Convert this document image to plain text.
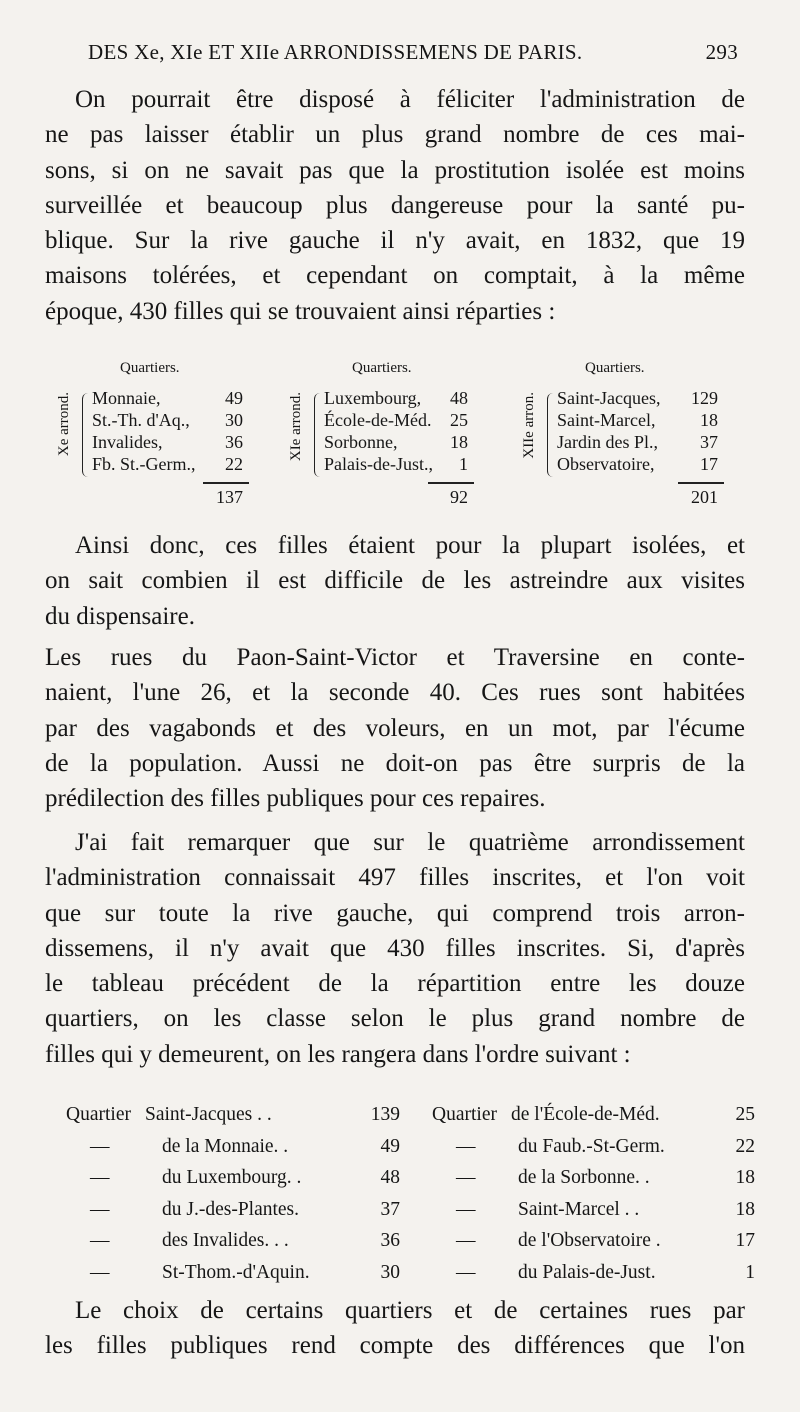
DES Xe, XIe ET XIIe ARRONDISSEMENS DE PARIS.	293
On pourrait être disposé à féliciter l'administration de
ne pas laisser établir un plus grand nombre de ces mai-
sons, si on ne savait pas que la prostitution isolée est moins
surveillée et beaucoup plus dangereuse pour la santé pu-
blique. Sur la rive gauche il n'y avait, en 1832, que 19
maisons tolérées, et cependant on comptait, à la même
époque, 430 filles qui se trouvaient ainsi réparties :
Quartiers.
Xe arrond. Monnaie,	49
St.-Th. d'Aq.,	30
Invalides,	36
Fb. St.-Germ.,	22
137
Quartiers.
XIe arrond. Luxembourg,	48
École-de-Méd.	25
Sorbonne,	18
Palais-de-Just.,	1
92
Quartiers.
XIIe arron. Saint-Jacques,	129
Saint-Marcel,	18
Jardin des Pl.,	37
Observatoire,	17
201
Ainsi donc, ces filles étaient pour la plupart isolées, et
on sait combien il est difficile de les astreindre aux visites
du dispensaire.
Les rues du Paon-Saint-Victor et Traversine en conte-
naient, l'une 26, et la seconde 40. Ces rues sont habitées
par des vagabonds et des voleurs, en un mot, par l'écume
de la population. Aussi ne doit-on pas être surpris de la
prédilection des filles publiques pour ces repaires.
J'ai fait remarquer que sur le quatrième arrondissement
l'administration connaissait 497 filles inscrites, et l'on voit
que sur toute la rive gauche, qui comprend trois arron-
dissemens, il n'y avait que 430 filles inscrites. Si, d'après
le tableau précédent de la répartition entre les douze
quartiers, on les classe selon le plus grand nombre de
filles qui y demeurent, on les rangera dans l'ordre suivant :
Quartier Saint-Jacques . .	139
—	de la Monnaie. .	49
—	du Luxembourg. .	48
—	du J.-des-Plantes.	37
—	des Invalides. . .	36
—	St-Thom.-d'Aquin.	30
Quartier de l'École-de-Méd.	25
— du Faub.-St-Germ.	22
— de la Sorbonne. .	18
— Saint-Marcel . .	18
— de l'Observatoire .	17
— du Palais-de-Just.	1
Le choix de certains quartiers et de certaines rues par
les filles publiques rend compte des différences que l'on
